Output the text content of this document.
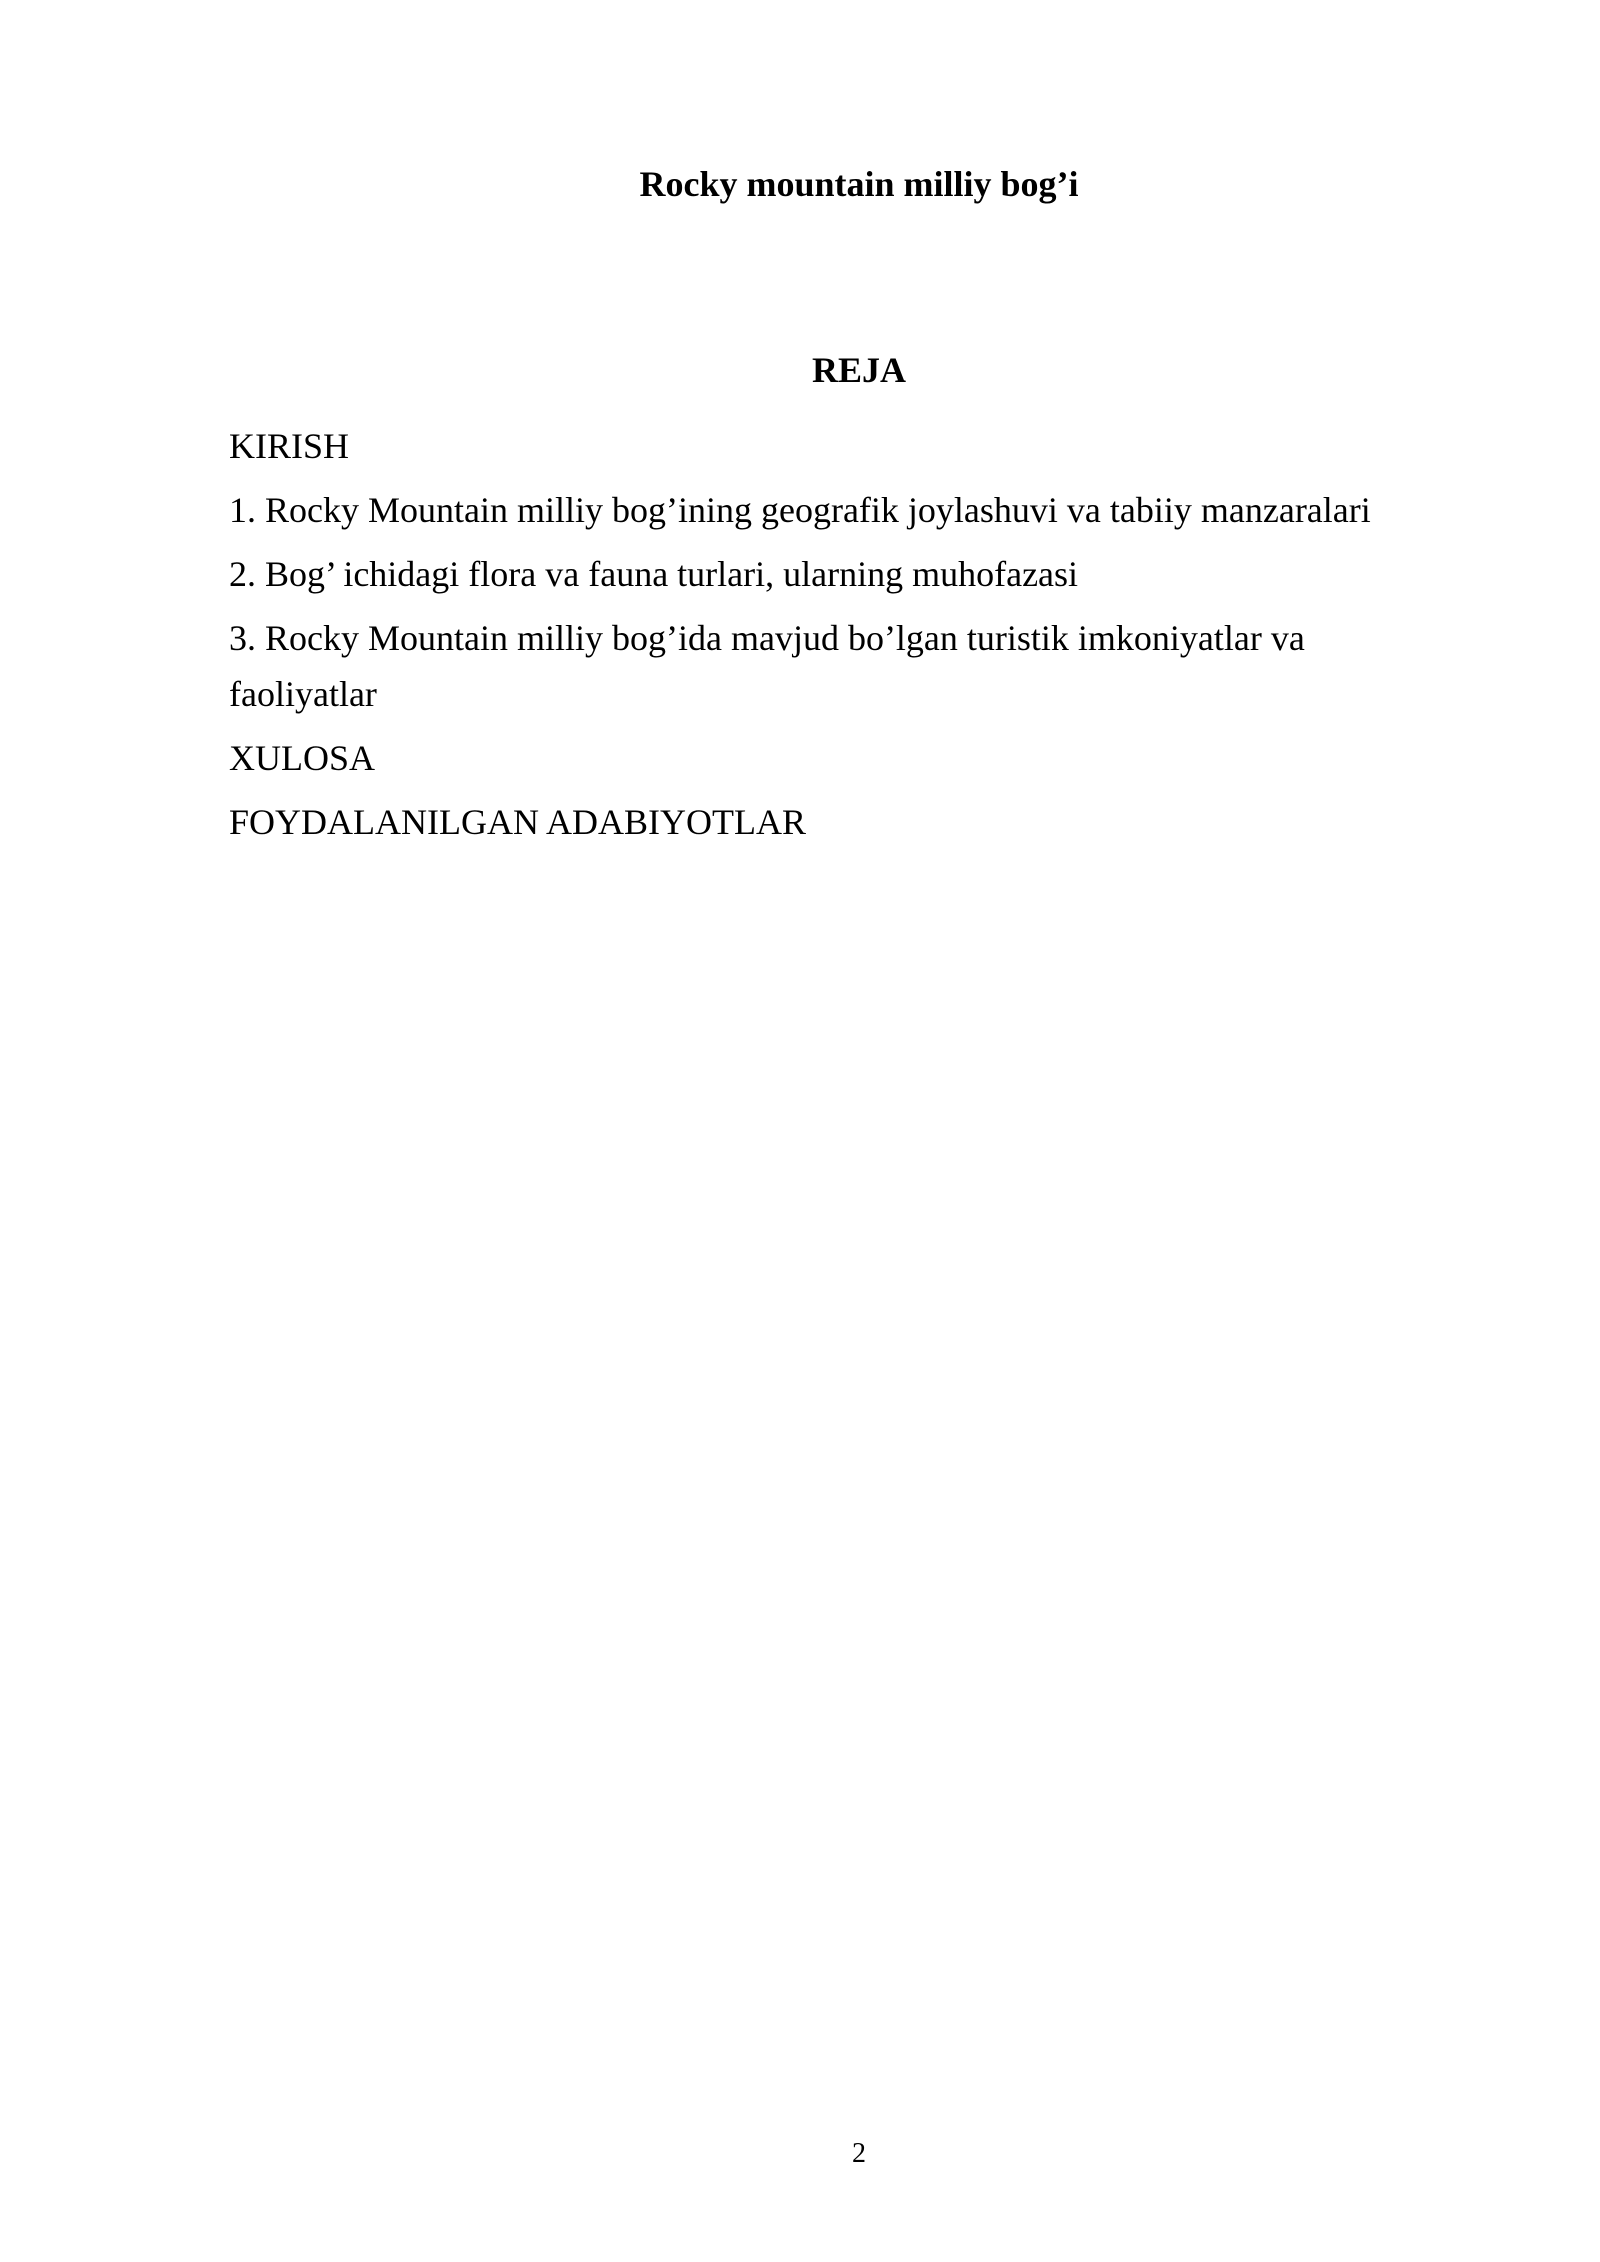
Rocky mountain milliy bog’i
REJA
KIRISH
1. Rocky Mountain milliy bog’ining geografik joylashuvi va tabiiy manzaralari
2. Bog’ ichidagi flora va fauna turlari, ularning muhofazasi
3. Rocky Mountain milliy bog’ida mavjud bo’lgan turistik imkoniyatlar va faoliyatlar
XULOSA
FOYDALANILGAN ADABIYOTLAR
2
